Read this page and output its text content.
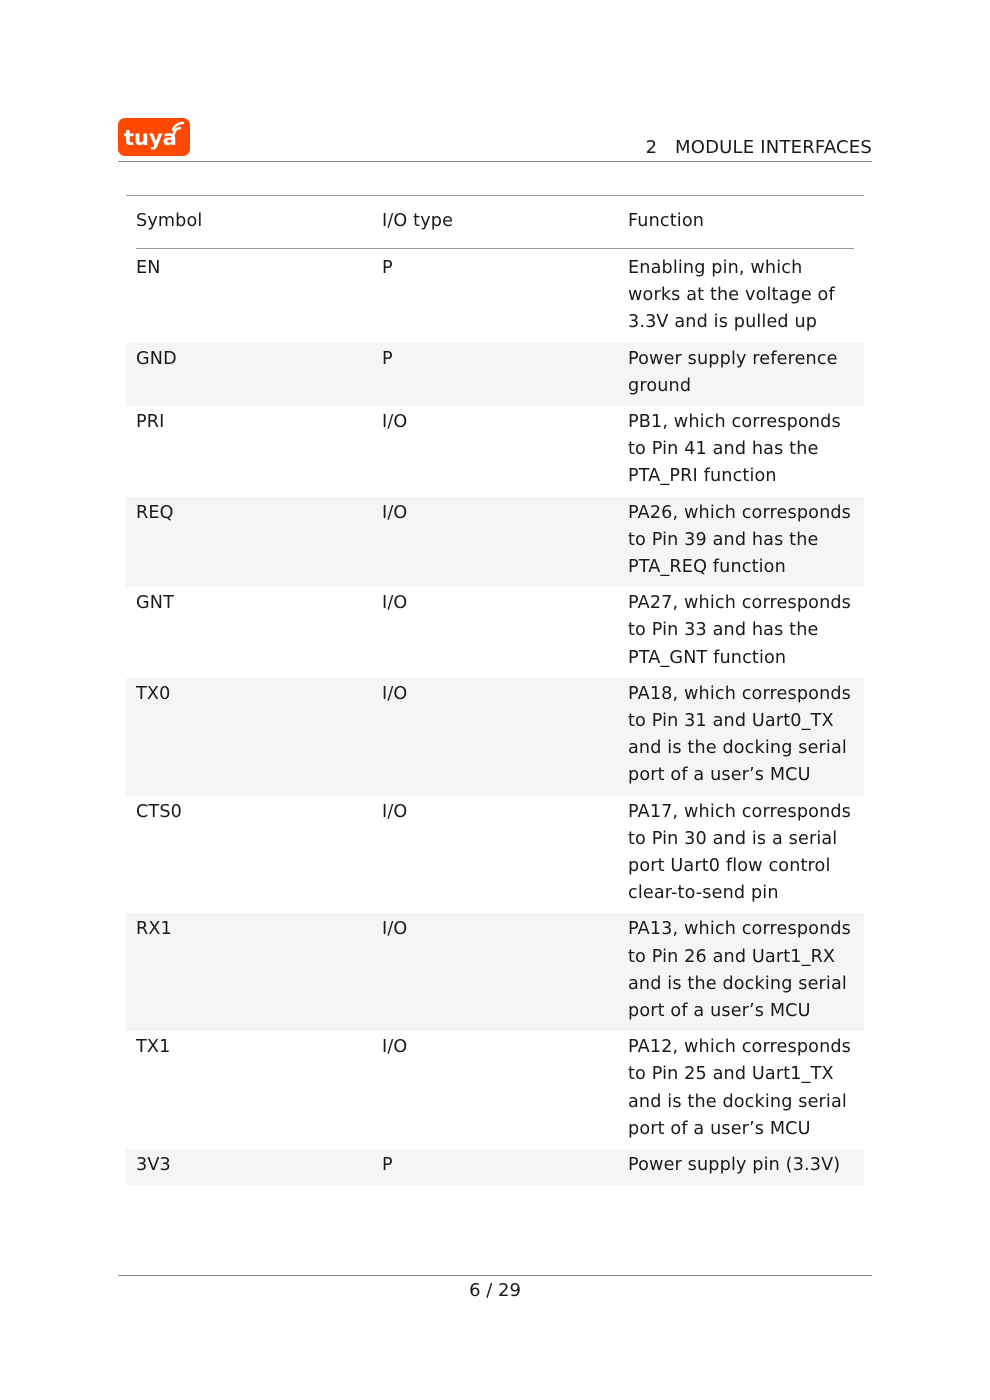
tuya	2   MODULE INTERFACES
Symbol	I/O type	Function
EN	P	Enabling pin, which
works at the voltage of
3.3V and is pulled up
GND	P	Power supply reference
ground
PRI	I/O	PB1, which corresponds
to Pin 41 and has the
PTA_PRI function
REQ	I/O	PA26, which corresponds
to Pin 39 and has the
PTA_REQ function
GNT	I/O	PA27, which corresponds
to Pin 33 and has the
PTA_GNT function
TX0	I/O	PA18, which corresponds
to Pin 31 and Uart0_TX
and is the docking serial
port of a user’s MCU
CTS0	I/O	PA17, which corresponds
to Pin 30 and is a serial
port Uart0 flow control
clear-to-send pin
RX1	I/O	PA13, which corresponds
to Pin 26 and Uart1_RX
and is the docking serial
port of a user’s MCU
TX1	I/O	PA12, which corresponds
to Pin 25 and Uart1_TX
and is the docking serial
port of a user’s MCU
3V3	P	Power supply pin (3.3V)
6 / 29
